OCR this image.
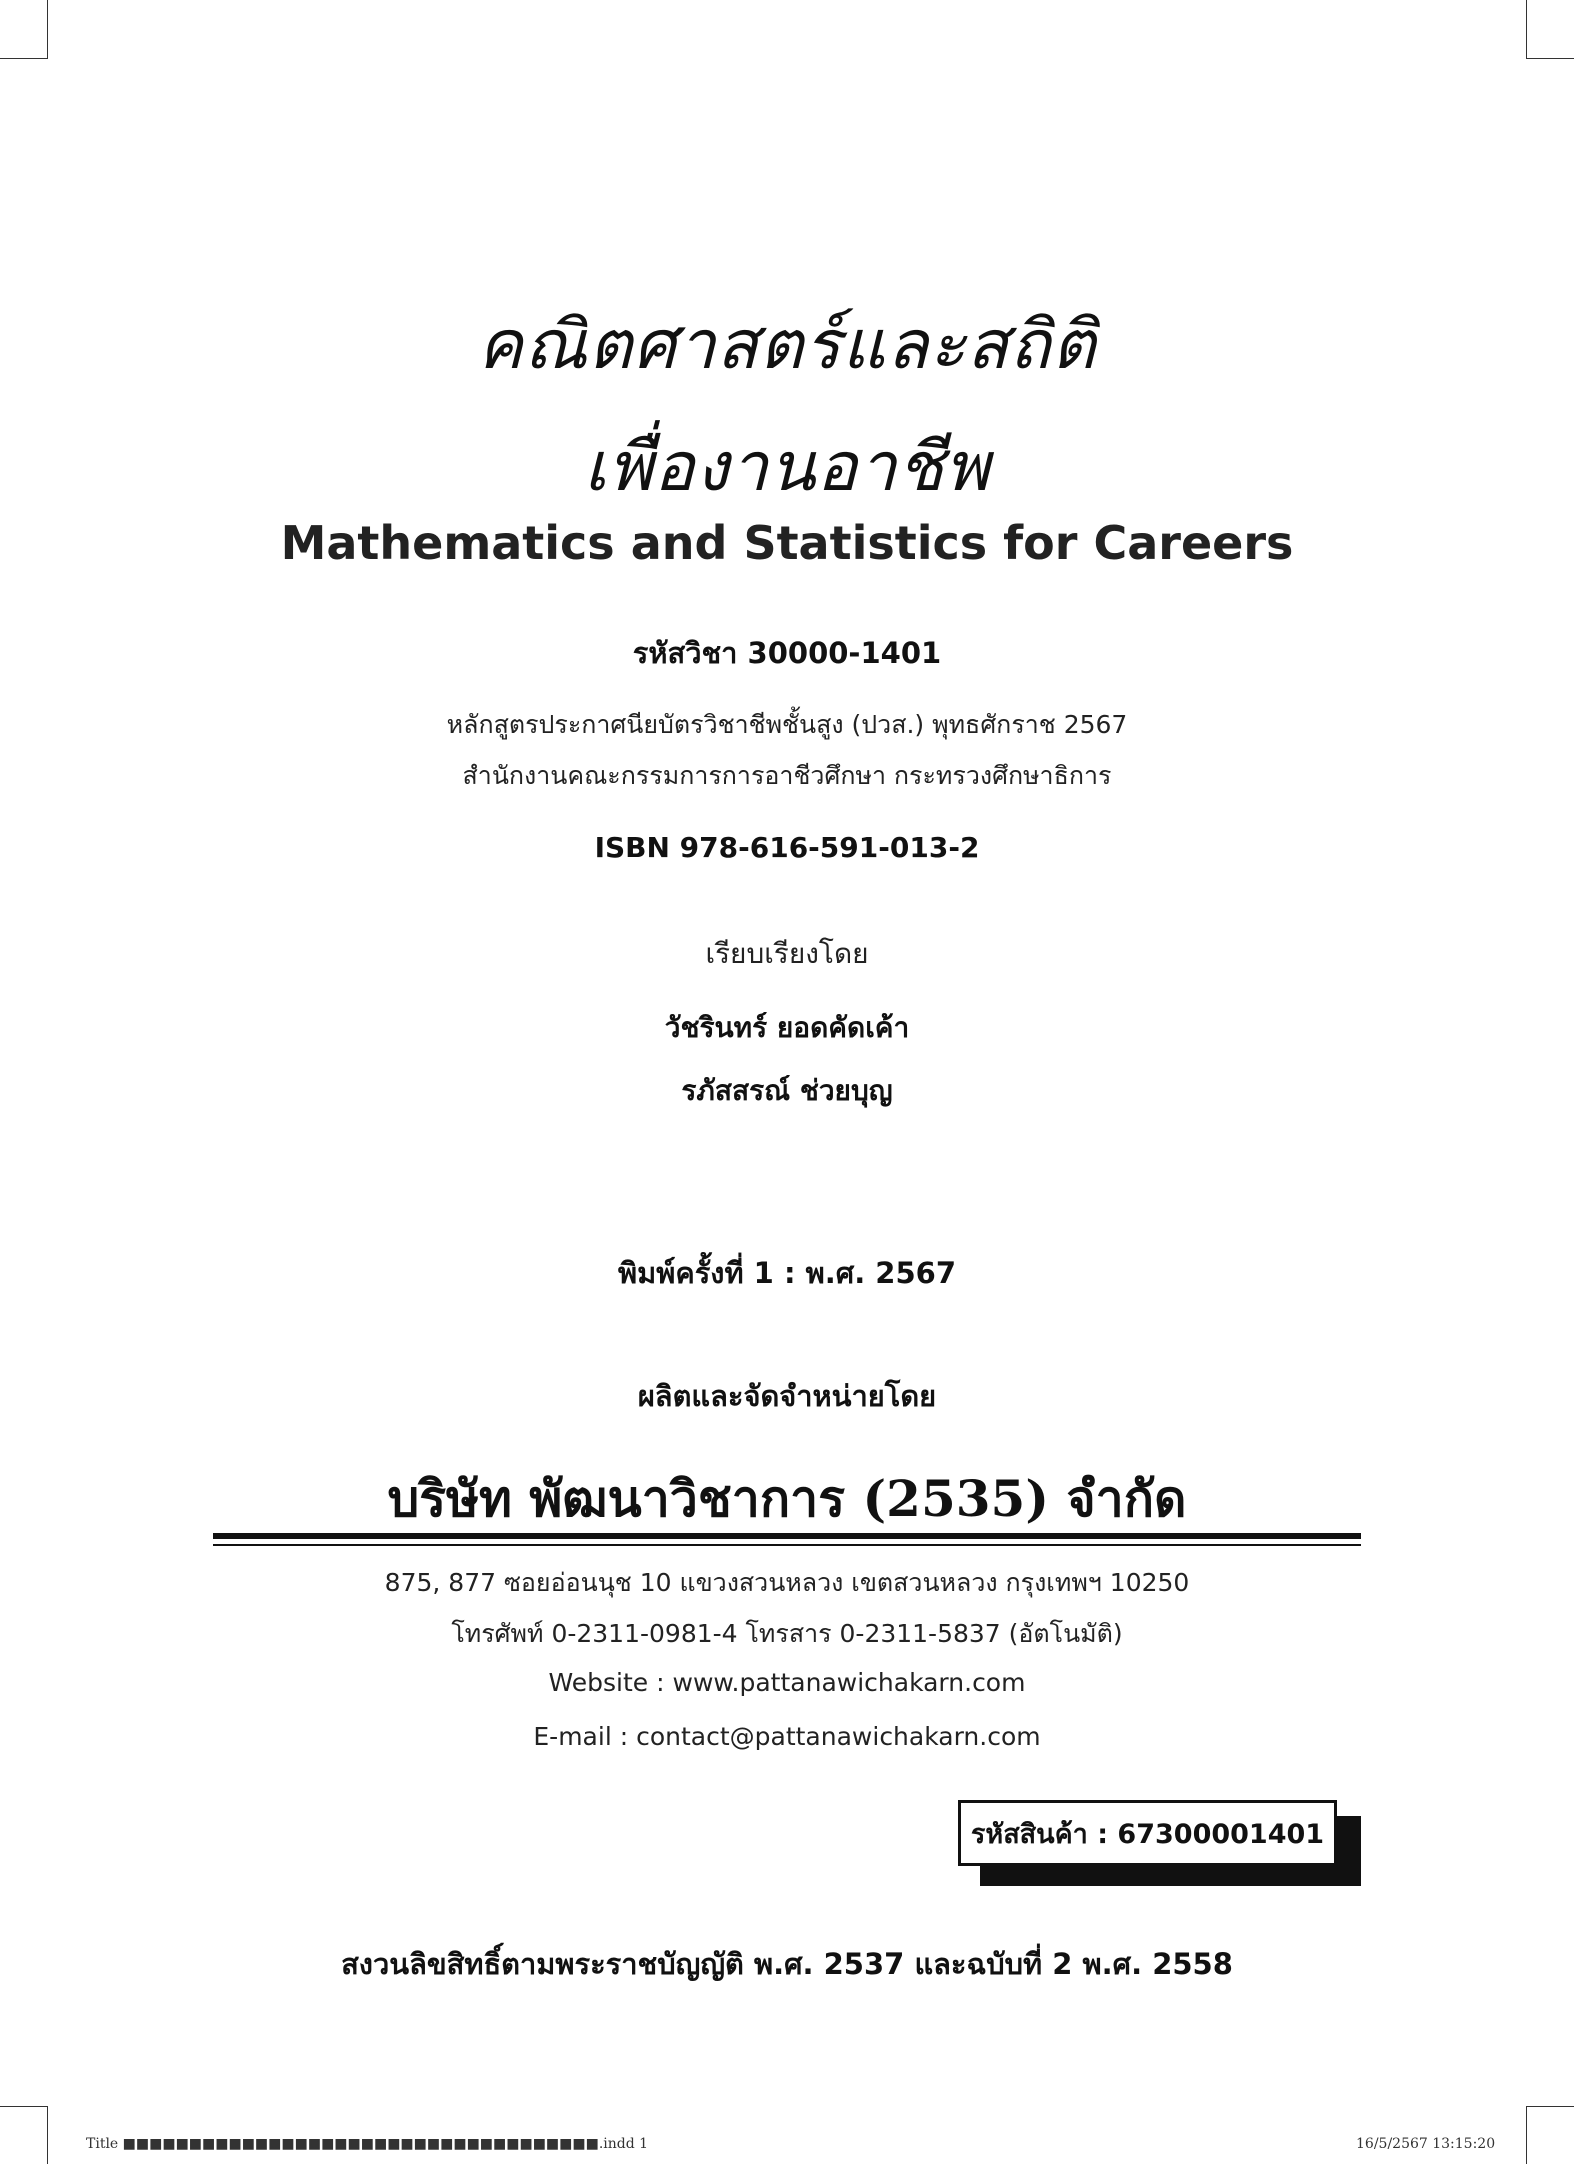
คณิตศาสตร์และสถิติ
เพื่องานอาชีพ
Mathematics and Statistics for Careers
รหัสวิชา 30000-1401
หลักสูตรประกาศนียบัตรวิชาชีพชั้นสูง (ปวส.) พุทธศักราช 2567
สำนักงานคณะกรรมการการอาชีวศึกษา กระทรวงศึกษาธิการ
ISBN 978-616-591-013-2
เรียบเรียงโดย
วัชรินทร์ ยอดคัดเค้า
รภัสสรณ์ ช่วยบุญ
พิมพ์ครั้งที่ 1 : พ.ศ. 2567
ผลิตและจัดจำหน่ายโดย
บริษัท พัฒนาวิชาการ (2535) จำกัด
875, 877 ซอยอ่อนนุช 10 แขวงสวนหลวง เขตสวนหลวง กรุงเทพฯ 10250
โทรศัพท์ 0-2311-0981-4 โทรสาร 0-2311-5837 (อัตโนมัติ)
Website : www.pattanawichakarn.com
E-mail : contact@pattanawichakarn.com
รหัสสินค้า : 67300001401
สงวนลิขสิทธิ์ตามพระราชบัญญัติ พ.ศ. 2537 และฉบับที่ 2 พ.ศ. 2558
Title ■■■■■■■■■■■■■■■■■■■■■■■■■■■■■■■■■■■■.indd 1	16/5/2567 13:15:20
